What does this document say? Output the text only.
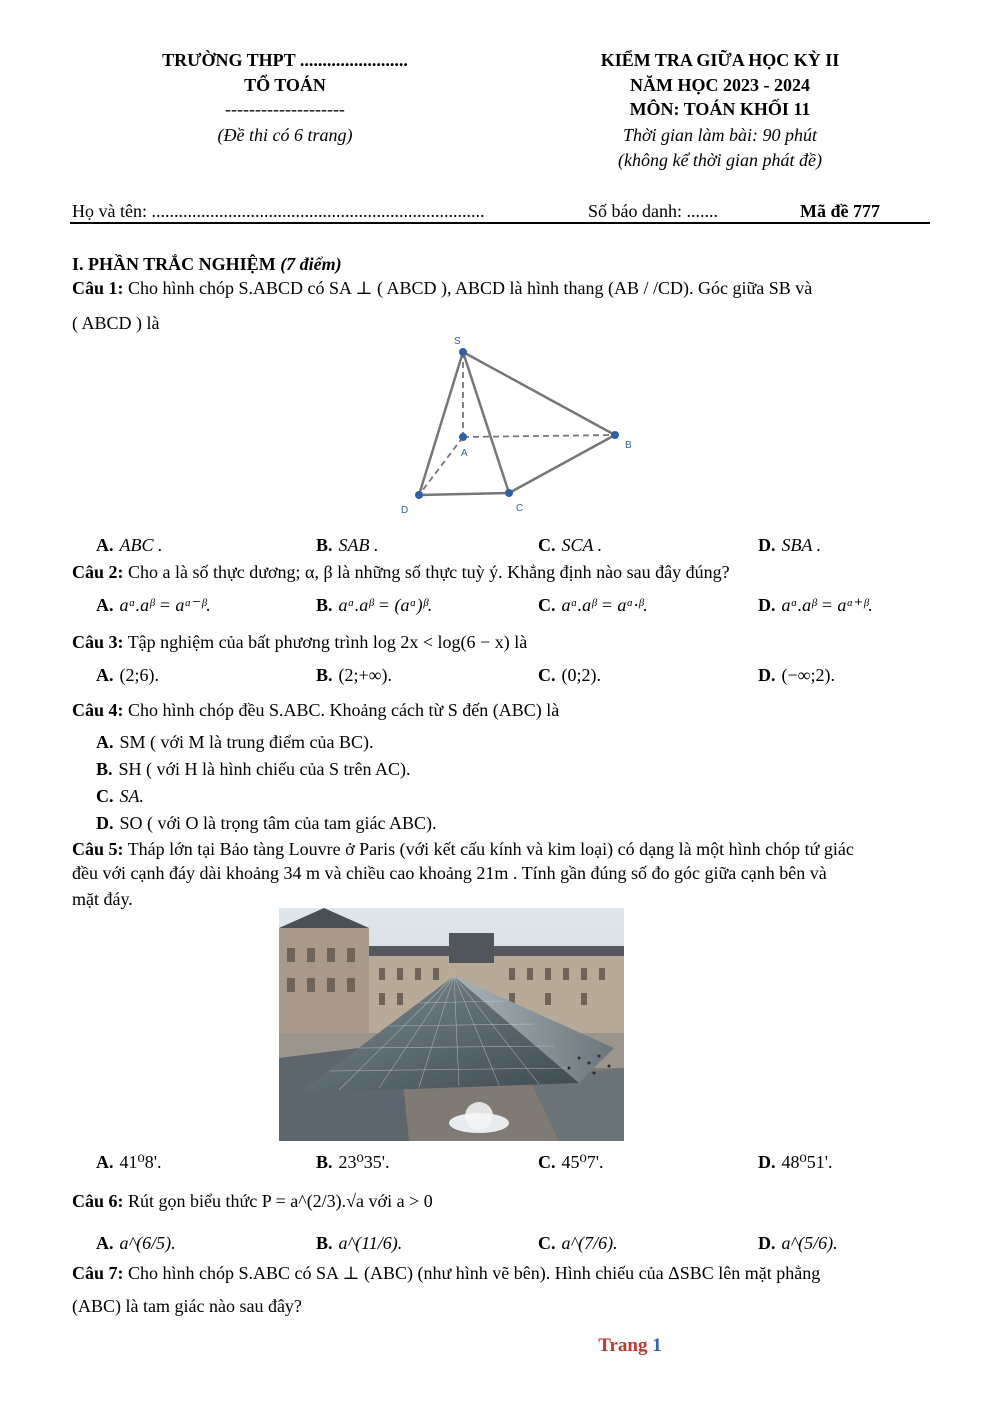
TRƯỜNG THPT ........................
TỔ TOÁN
--------------------
(Đề thi có 6 trang)
KIỂM TRA GIỮA HỌC KỲ II
NĂM HỌC 2023 - 2024
MÔN: TOÁN KHỐI 11
Thời gian làm bài: 90 phút
(không kể thời gian phát đề)
Họ và tên: ..........................................................................	Số báo danh: .......	Mã đề 777
I. PHẦN TRẮC NGHIỆM (7 điểm)
Câu 1: Cho hình chóp S.ABCD có SA ⊥ ( ABCD ), ABCD là hình thang (AB / /CD). Góc giữa SB và
( ABCD ) là
S
A
B
C
D
A. ABC .	B. SAB .	C. SCA .	D. SBA .
Câu 2: Cho a là số thực dương; α, β là những số thực tuỳ ý. Khẳng định nào sau đây đúng?
A. aᵅ.aᵝ = aᵅ⁻ᵝ.	B. aᵅ.aᵝ = (aᵅ)ᵝ.	C. aᵅ.aᵝ = aᵅ·ᵝ.	D. aᵅ.aᵝ = aᵅ⁺ᵝ.
Câu 3: Tập nghiệm của bất phương trình log 2x < log(6 − x) là
A. (2;6).	B. (2;+∞).	C. (0;2).	D. (−∞;2).
Câu 4: Cho hình chóp đều S.ABC. Khoảng cách từ S đến (ABC) là
A. SM ( với M là trung điểm của BC).
B. SH ( với H là hình chiếu của S trên AC).
C. SA.
D. SO ( với O là trọng tâm của tam giác ABC).
Câu 5: Tháp lớn tại Bảo tàng Louvre ở Paris (với kết cấu kính và kim loại) có dạng là một hình chóp tứ giác
đều với cạnh đáy dài khoảng 34 m và chiều cao khoảng 21m . Tính gần đúng số đo góc giữa cạnh bên và
mặt đáy.
A. 41⁰8'.	B. 23⁰35'.	C. 45⁰7'.	D. 48⁰51'.
Câu 6: Rút gọn biểu thức P = a^(2/3).√a với a > 0
A. a^(6/5).	B. a^(11/6).	C. a^(7/6).	D. a^(5/6).
Câu 7: Cho hình chóp S.ABC có SA ⊥ (ABC) (như hình vẽ bên). Hình chiếu của ΔSBC lên mặt phẳng
(ABC) là tam giác nào sau đây?
Trang 1
